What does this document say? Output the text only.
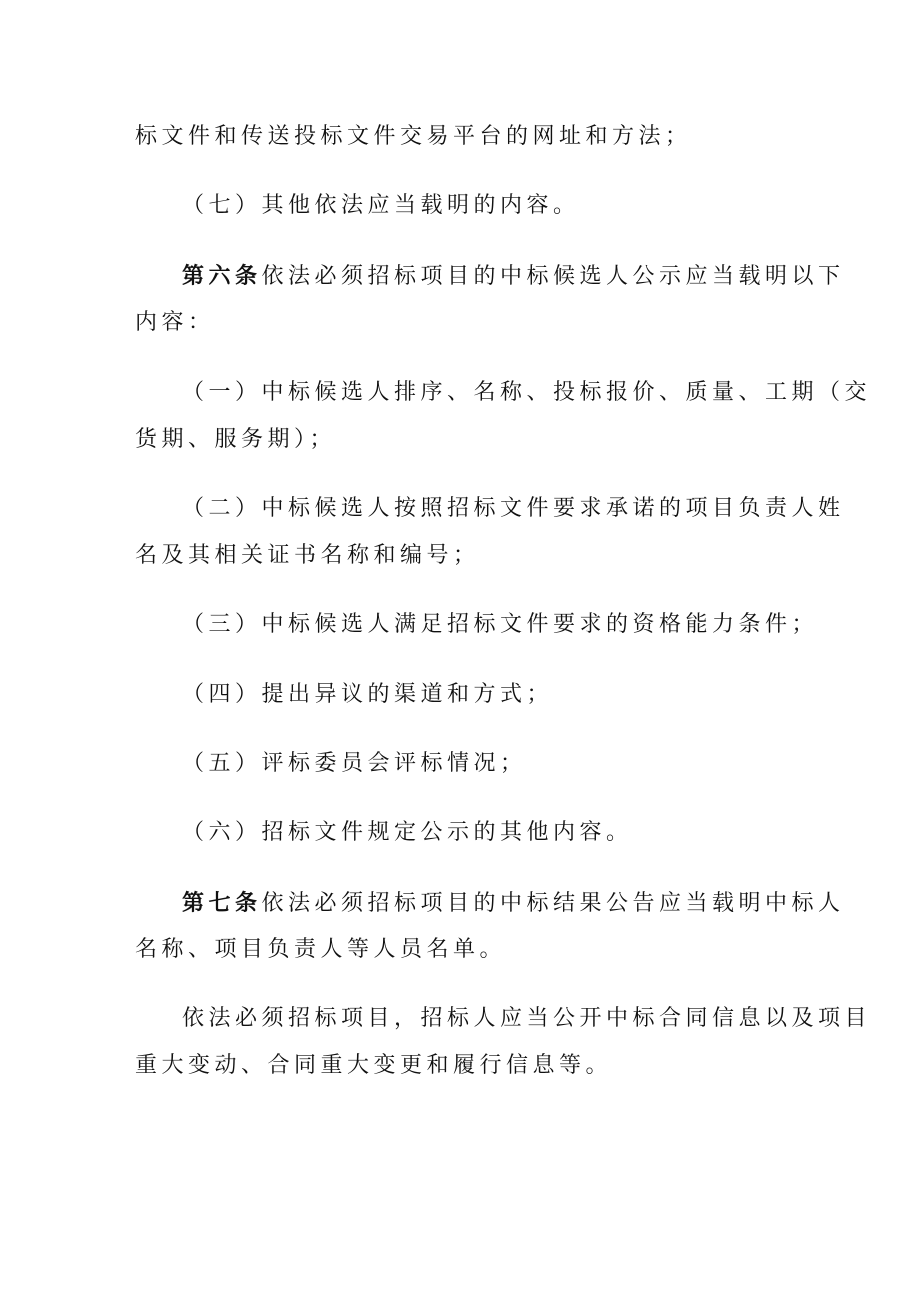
标文件和传送投标文件交易平台的网址和方法；
（七）其他依法应当载明的内容。
第六条依法必须招标项目的中标候选人公示应当载明以下
内容：
（一）中标候选人排序、名称、投标报价、质量、工期（交
货期、服务期）；
（二）中标候选人按照招标文件要求承诺的项目负责人姓
名及其相关证书名称和编号；
（三）中标候选人满足招标文件要求的资格能力条件；
（四）提出异议的渠道和方式；
（五）评标委员会评标情况；
（六）招标文件规定公示的其他内容。
第七条依法必须招标项目的中标结果公告应当载明中标人
名称、项目负责人等人员名单。
依法必须招标项目，招标人应当公开中标合同信息以及项目
重大变动、合同重大变更和履行信息等。
